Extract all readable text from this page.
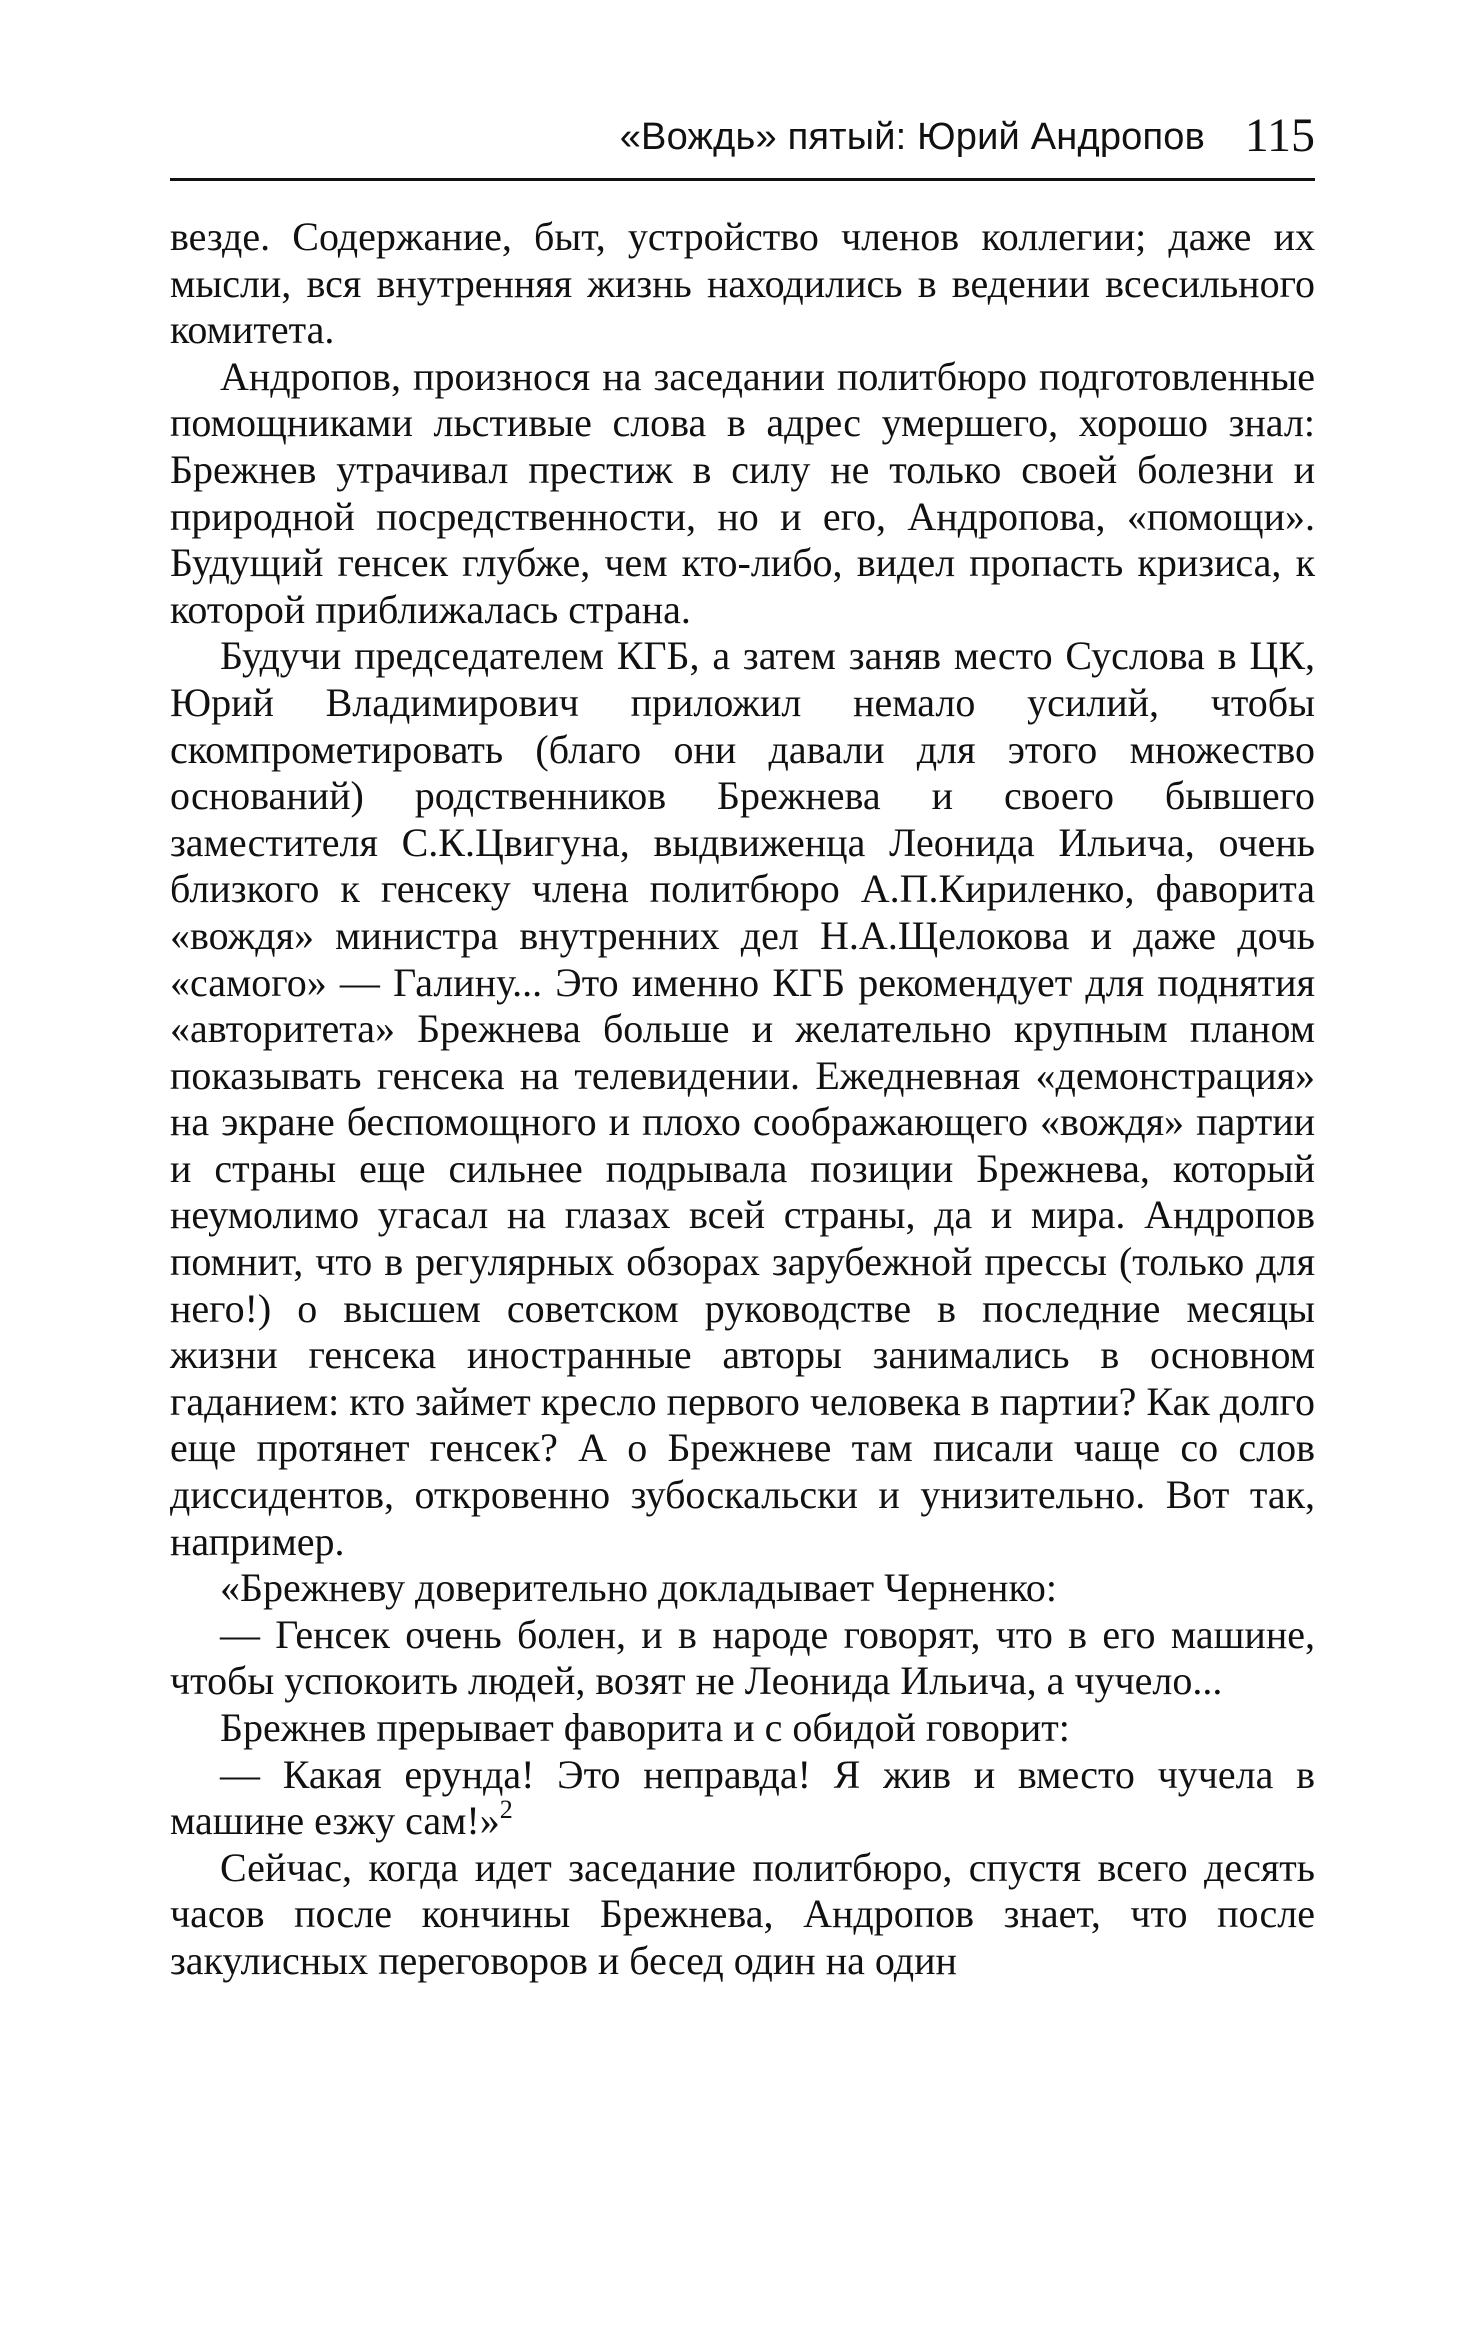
«Вождь» пятый: Юрий Андропов 115

везде. Содержание, быт, устройство членов коллегии; даже их мысли, вся внутренняя жизнь находились в ведении всесильного комитета.

Андропов, произнося на заседании политбюро подготовленные помощниками льстивые слова в адрес умершего, хорошо знал: Брежнев утрачивал престиж в силу не только своей болезни и природной посредственности, но и его, Андропова, «помощи». Будущий генсек глубже, чем кто-либо, видел пропасть кризиса, к которой приближалась страна.

Будучи председателем КГБ, а затем заняв место Суслова в ЦК, Юрий Владимирович приложил немало усилий, чтобы скомпрометировать (благо они давали для этого множество оснований) родственников Брежнева и своего бывшего заместителя С.К.Цвигуна, выдвиженца Леонида Ильича, очень близкого к генсеку члена политбюро А.П.Кириленко, фаворита «вождя» министра внутренних дел Н.А.Щелокова и даже дочь «самого» — Галину... Это именно КГБ рекомендует для поднятия «авторитета» Брежнева больше и желательно крупным планом показывать генсека на телевидении. Ежедневная «демонстрация» на экране беспомощного и плохо соображающего «вождя» партии и страны еще сильнее подрывала позиции Брежнева, который неумолимо угасал на глазах всей страны, да и мира. Андропов помнит, что в регулярных обзорах зарубежной прессы (только для него!) о высшем советском руководстве в последние месяцы жизни генсека иностранные авторы занимались в основном гаданием: кто займет кресло первого человека в партии? Как долго еще протянет генсек? А о Брежневе там писали чаще со слов диссидентов, откровенно зубоскальски и унизительно. Вот так, например.

«Брежневу доверительно докладывает Черненко:

— Генсек очень болен, и в народе говорят, что в его машине, чтобы успокоить людей, возят не Леонида Ильича, а чучело...

Брежнев прерывает фаворита и с обидой говорит:

— Какая ерунда! Это неправда! Я жив и вместо чучела в машине езжу сам!»$^2$

Сейчас, когда идет заседание политбюро, спустя всего десять часов после кончины Брежнева, Андропов знает, что после закулисных переговоров и бесед один на один
